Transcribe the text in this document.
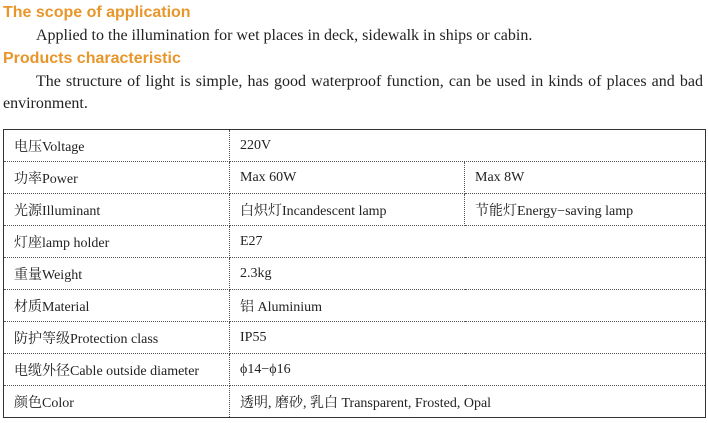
The scope of application
Applied to the illumination for wet places in deck, sidewalk in ships or cabin.
Products characteristic
The structure of light is simple, has good waterproof function, can be used in kinds of places and bad environment.
电压Voltage	220V	
功率Power	Max 60W	Max 8W
光源Illuminant	白炽灯Incandescent lamp	节能灯Energy−saving lamp
灯座lamp holder	E27	
重量Weight	2.3kg	
材质Material	铝 Aluminium	
防护等级Protection class	IP55	
电缆外径Cable outside diameter	ϕ14−ϕ16	
颜色Color	透明, 磨砂, 乳白 Transparent, Frosted, Opal	
